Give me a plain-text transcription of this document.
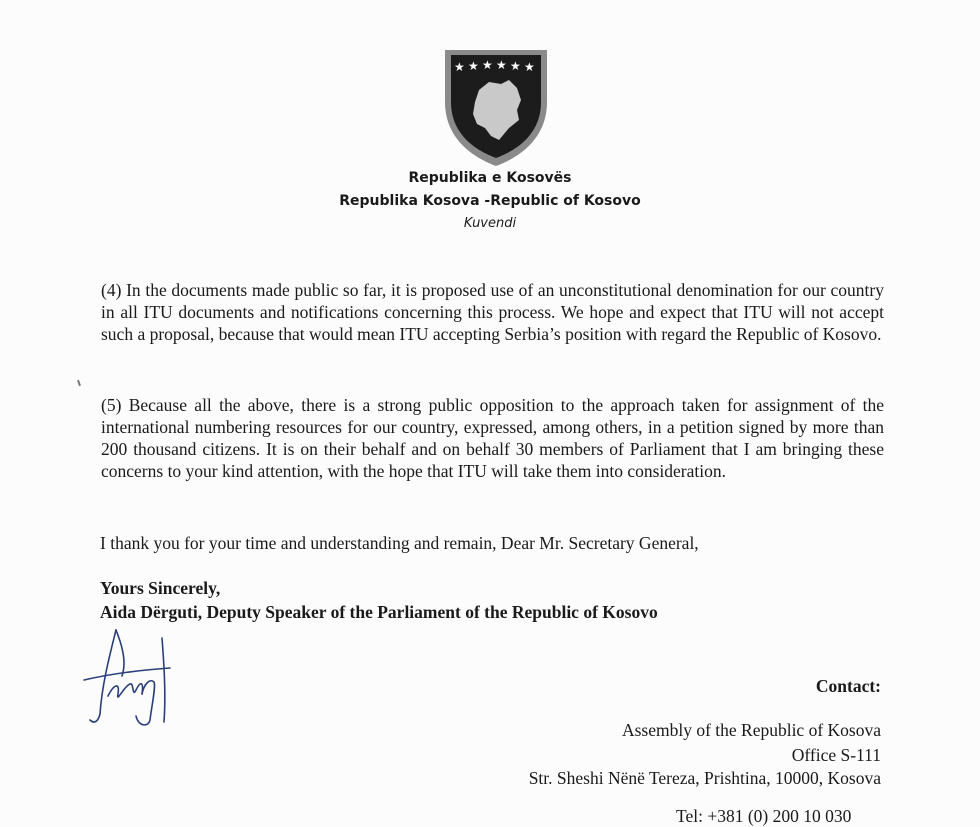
★ ★ ★ ★ ★ ★
Republika e Kosovës
Republika Kosova -Republic of Kosovo
Kuvendi
(4) In the documents made public so far, it is proposed use of an unconstitutional denomination for our country in all ITU documents and notifications concerning this process. We hope and expect that ITU will not accept such a proposal, because that would mean ITU accepting Serbia’s position with regard the Republic of Kosovo.
(5) Because all the above, there is a strong public opposition to the approach taken for assignment of the international numbering resources for our country, expressed, among others, in a petition signed by more than 200 thousand citizens. It is on their behalf and on behalf 30 members of Parliament that I am bringing these concerns to your kind attention, with the hope that ITU will take them into consideration.
I thank you for your time and understanding and remain, Dear Mr. Secretary General,
Yours Sincerely,
Aida Dërguti, Deputy Speaker of the Parliament of the Republic of Kosovo
Contact:
Assembly of the Republic of Kosova
Office S-111
Str. Sheshi Nënë Tereza, Prishtina, 10000, Kosova
Tel: +381 (0) 200 10 030
